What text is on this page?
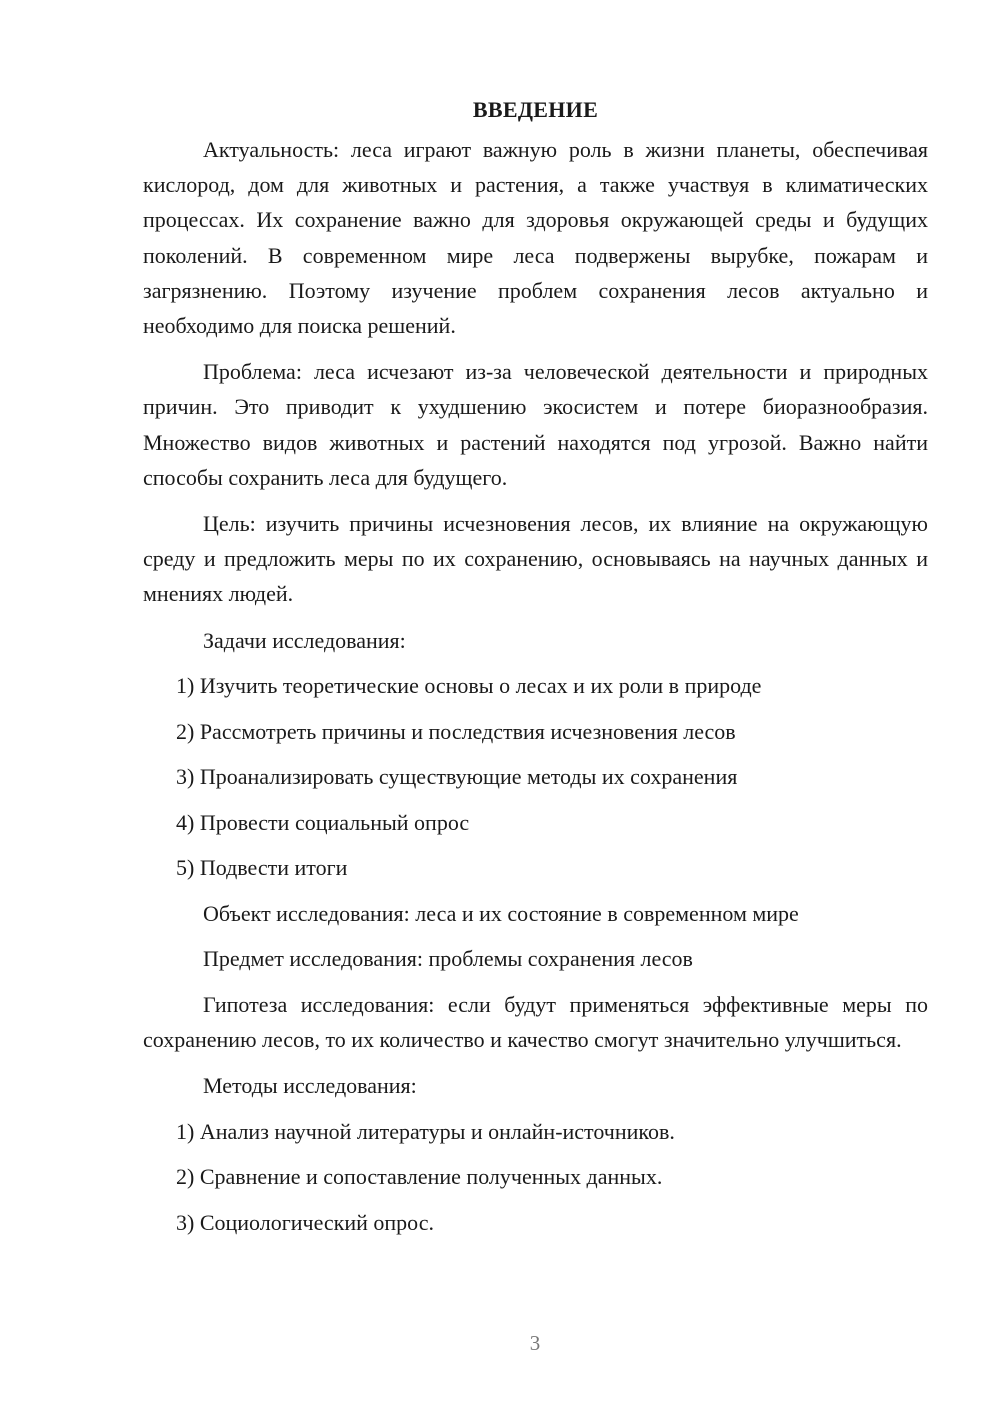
ВВЕДЕНИЕ

Актуальность: леса играют важную роль в жизни планеты, обеспечивая кислород, дом для животных и растения, а также участвуя в климатических процессах. Их сохранение важно для здоровья окружающей среды и будущих поколений. В современном мире леса подвержены вырубке, пожарам и загрязнению. Поэтому изучение проблем сохранения лесов актуально и необходимо для поиска решений.

Проблема: леса исчезают из-за человеческой деятельности и природных причин. Это приводит к ухудшению экосистем и потере биоразнообразия. Множество видов животных и растений находятся под угрозой. Важно найти способы сохранить леса для будущего.

Цель: изучить причины исчезновения лесов, их влияние на окружающую среду и предложить меры по их сохранению, основываясь на научных данных и мнениях людей.

Задачи исследования:
1) Изучить теоретические основы о лесах и их роли в природе
2) Рассмотреть причины и последствия исчезновения лесов
3) Проанализировать существующие методы их сохранения
4) Провести социальный опрос
5) Подвести итоги
Объект исследования: леса и их состояние в современном мире
Предмет исследования: проблемы сохранения лесов

Гипотеза исследования: если будут применяться эффективные меры по сохранению лесов, то их количество и качество смогут значительно улучшиться.

Методы исследования:
1) Анализ научной литературы и онлайн-источников.
2) Сравнение и сопоставление полученных данных.
3) Социологический опрос.
3
